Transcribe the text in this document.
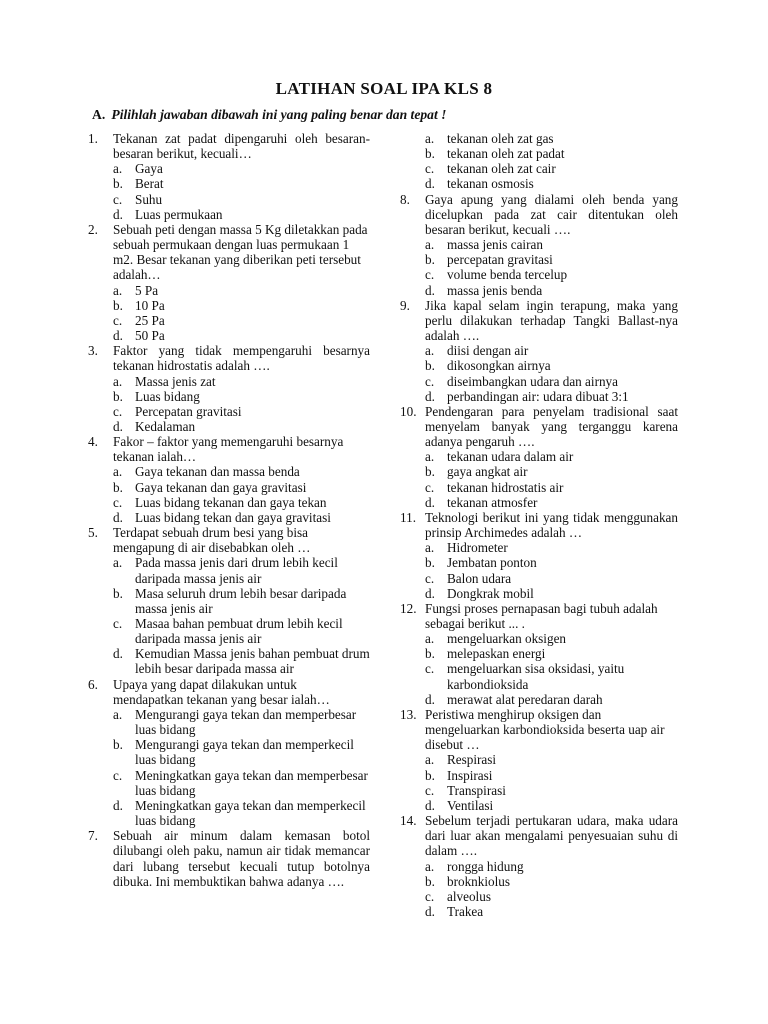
LATIHAN SOAL IPA KLS 8
A. Pilihlah jawaban dibawah ini yang paling benar dan tepat !
1. Tekanan zat padat dipengaruhi oleh besaran-besaran berikut, kecuali…
a. Gaya
b. Berat
c. Suhu
d. Luas permukaan
2. Sebuah peti dengan massa 5 Kg diletakkan pada sebuah permukaan dengan luas permukaan 1 m2. Besar tekanan yang diberikan peti tersebut adalah…
a. 5 Pa
b. 10 Pa
c. 25 Pa
d. 50 Pa
3. Faktor yang tidak mempengaruhi besarnya tekanan hidrostatis adalah ….
a. Massa jenis zat
b. Luas bidang
c. Percepatan gravitasi
d. Kedalaman
4. Fakor – faktor yang memengaruhi besarnya tekanan ialah…
a. Gaya tekanan dan massa benda
b. Gaya tekanan dan gaya gravitasi
c. Luas bidang tekanan dan gaya tekan
d. Luas bidang tekan dan gaya gravitasi
5. Terdapat sebuah drum besi yang bisa mengapung di air disebabkan oleh …
a. Pada massa jenis dari drum lebih kecil daripada massa jenis air
b. Masa seluruh drum lebih besar daripada massa jenis air
c. Masaa bahan pembuat drum lebih kecil daripada massa jenis air
d. Kemudian Massa jenis bahan pembuat drum lebih besar daripada massa air
6. Upaya yang dapat dilakukan untuk mendapatkan tekanan yang besar ialah…
a. Mengurangi gaya tekan dan memperbesar luas bidang
b. Mengurangi gaya tekan dan memperkecil luas bidang
c. Meningkatkan gaya tekan dan memperbesar luas bidang
d. Meningkatkan gaya tekan dan memperkecil luas bidang
7. Sebuah air minum dalam kemasan botol dilubangi oleh paku, namun air tidak memancar dari lubang tersebut kecuali tutup botolnya dibuka. Ini membuktikan bahwa adanya ….
a. tekanan oleh zat gas
b. tekanan oleh zat padat
c. tekanan oleh zat cair
d. tekanan osmosis
8. Gaya apung yang dialami oleh benda yang dicelupkan pada zat cair ditentukan oleh besaran berikut, kecuali ….
a. massa jenis cairan
b. percepatan gravitasi
c. volume benda tercelup
d. massa jenis benda
9. Jika kapal selam ingin terapung, maka yang perlu dilakukan terhadap Tangki Ballast-nya adalah ….
a. diisi dengan air
b. dikosongkan airnya
c. diseimbangkan udara dan airnya
d. perbandingan air: udara dibuat 3:1
10. Pendengaran para penyelam tradisional saat menyelam banyak yang terganggu karena adanya pengaruh ….
a. tekanan udara dalam air
b. gaya angkat air
c. tekanan hidrostatis air
d. tekanan atmosfer
11. Teknologi berikut ini yang tidak menggunakan prinsip Archimedes adalah …
a. Hidrometer
b. Jembatan ponton
c. Balon udara
d. Dongkrak mobil
12. Fungsi proses pernapasan bagi tubuh adalah sebagai berikut ... .
a. mengeluarkan oksigen
b. melepaskan energi
c. mengeluarkan sisa oksidasi, yaitu karbondioksida
d. merawat alat peredaran darah
13. Peristiwa menghirup oksigen dan mengeluarkan karbondioksida beserta uap air disebut …
a. Respirasi
b. Inspirasi
c. Transpirasi
d. Ventilasi
14. Sebelum terjadi pertukaran udara, maka udara dari luar akan mengalami penyesuaian suhu di dalam ….
a. rongga hidung
b. broknkiolus
c. alveolus
d. Trakea
